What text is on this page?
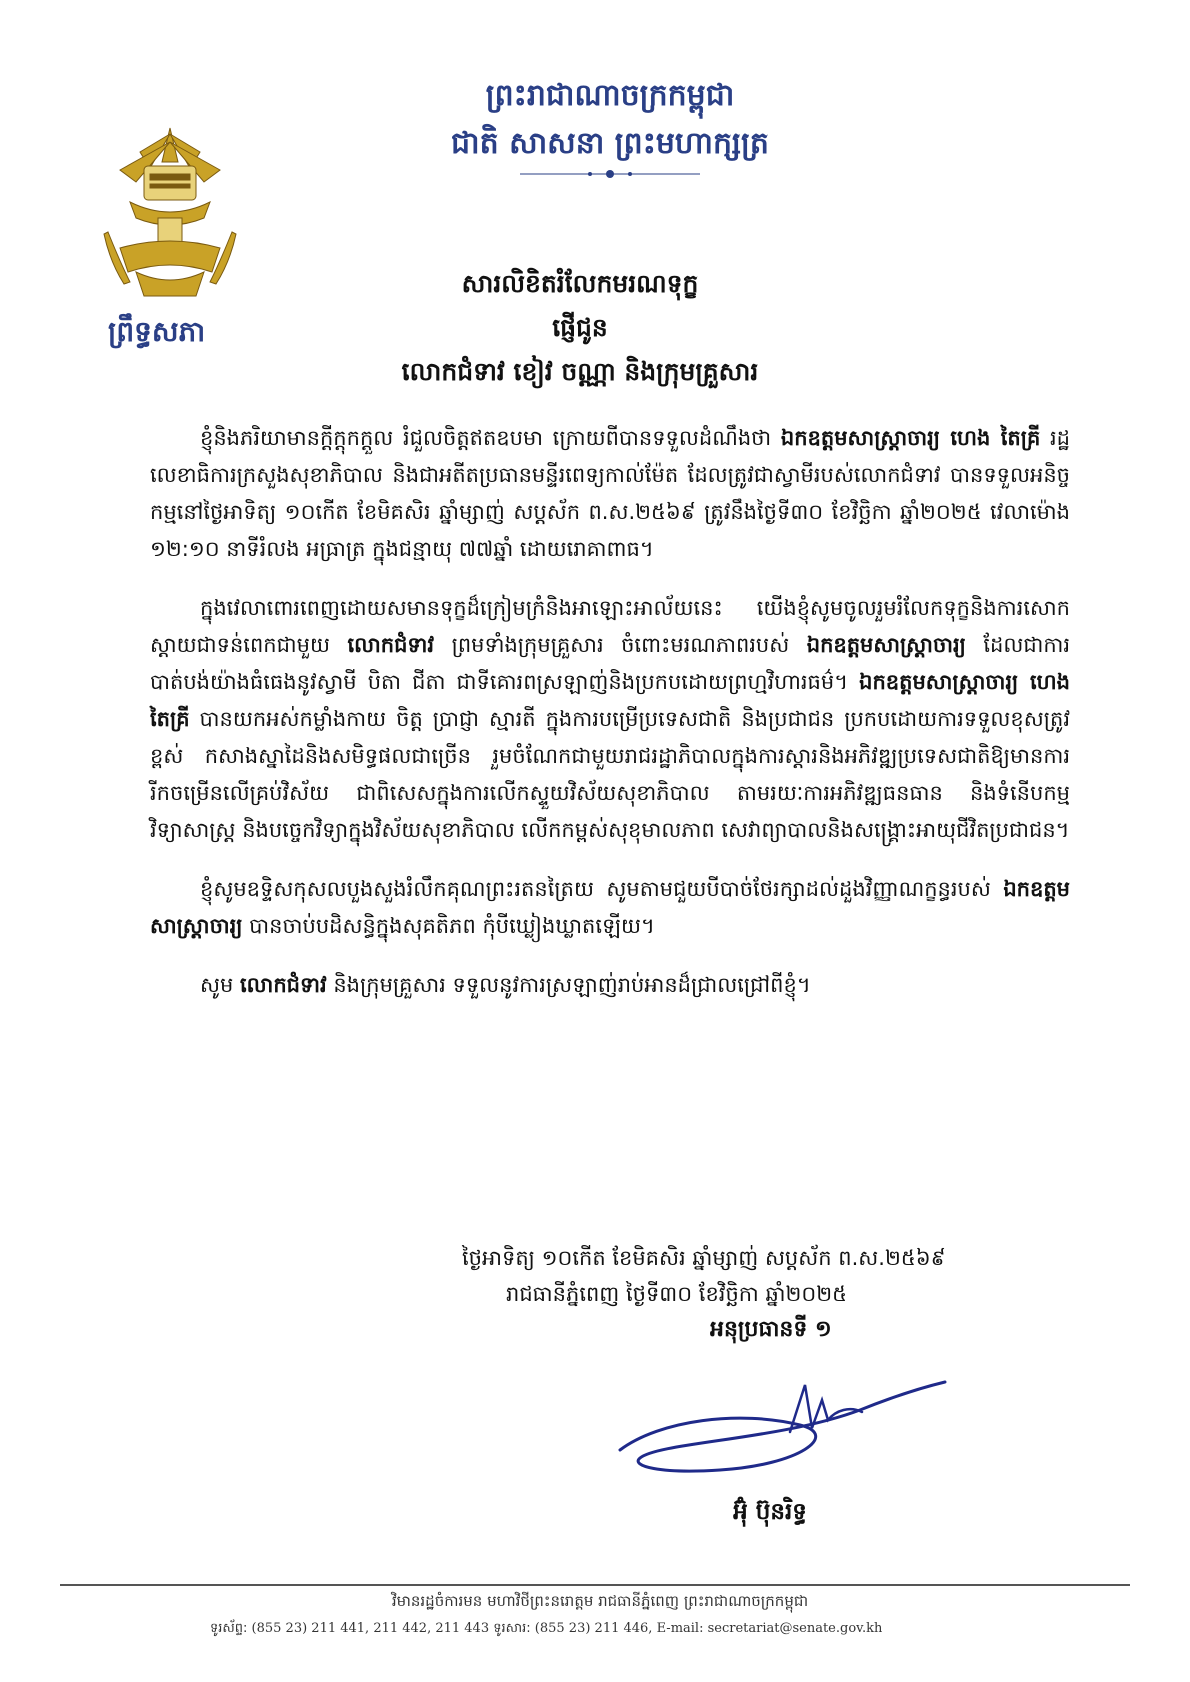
ព្រះរាជាណាចក្រកម្ពុជា
ជាតិ សាសនា ព្រះមហាក្សត្រ
ព្រឹទ្ធសភា
សារលិខិតរំលែកមរណទុក្ខ
ផ្ញើជូន
លោកជំទាវ ខៀវ ចណ្ណា និងក្រុមគ្រួសារ

ខ្ញុំនិងភរិយាមានក្ដីក្ដុកក្ដួល រំជួលចិត្តឥតឧបមា ក្រោយពីបានទទួលដំណឹងថា ឯកឧត្តមសាស្ត្រាចារ្យ ហេង តៃគ្រី រដ្ឋលេខាធិការក្រសួងសុខាភិបាល និងជាអតីតប្រធានមន្ទីរពេទ្យកាល់ម៉ែត ដែលត្រូវជាស្វាមីរបស់លោកជំទាវ បានទទួលអនិច្ចកម្មនៅថ្ងៃអាទិត្យ ១០កើត ខែមិគសិរ ឆ្នាំម្សាញ់ សប្តស័ក ព.ស.២៥៦៩ ត្រូវនឹងថ្ងៃទី៣០ ខែវិច្ឆិកា ឆ្នាំ២០២៥ វេលាម៉ោង ១២:១០ នាទីរំលង អធ្រាត្រ ក្នុងជន្មាយុ ៧៧ឆ្នាំ ដោយរោគាពាធ។

ក្នុងវេលាពោរពេញដោយសមានទុក្ខដ៏ក្រៀមក្រំនិងអាឡោះអាល័យនេះ យើងខ្ញុំសូមចូលរួមរំលែកទុក្ខនិងការសោកស្ដាយជាទន់ពេកជាមួយ លោកជំទាវ ព្រមទាំងក្រុមគ្រួសារ ចំពោះមរណភាពរបស់ ឯកឧត្តមសាស្ត្រាចារ្យ ដែលជាការបាត់បង់យ៉ាងធំធេងនូវស្វាមី បិតា ជីតា ជាទីគោរពស្រឡាញ់និងប្រកបដោយព្រហ្មវិហារធម៌។ ឯកឧត្តមសាស្ត្រាចារ្យ ហេង តៃគ្រី បានយកអស់កម្លាំងកាយ ចិត្ត ប្រាជ្ញា ស្មារតី ក្នុងការបម្រើប្រទេសជាតិ និងប្រជាជន ប្រកបដោយការទទួលខុសត្រូវខ្ពស់ កសាងស្នាដៃនិងសមិទ្ធផលជាច្រើន រួមចំណែកជាមួយរាជរដ្ឋាភិបាលក្នុងការស្ដារនិងអភិវឌ្ឍប្រទេសជាតិឱ្យមានការរីកចម្រើនលើគ្រប់វិស័យ ជាពិសេសក្នុងការលើកស្ទួយវិស័យសុខាភិបាល តាមរយៈការអភិវឌ្ឍធនធាន និងទំនើបកម្មវិទ្យាសាស្ត្រ និងបច្ចេកវិទ្យាក្នុងវិស័យសុខាភិបាល លើកកម្ពស់សុខុមាលភាព សេវាព្យាបាលនិងសង្គ្រោះអាយុជីវិតប្រជាជន។

ខ្ញុំសូមឧទ្ទិសកុសលបួងសួងរំលឹកគុណព្រះរតនត្រៃយ សូមតាមជួយបីបាច់ថែរក្សាដល់ដួងវិញ្ញាណក្ខន្ធរបស់ ឯកឧត្តមសាស្ត្រាចារ្យ បានចាប់បដិសន្ធិក្នុងសុគតិភព កុំបីឃ្លៀងឃ្លាតឡើយ។

សូម លោកជំទាវ និងក្រុមគ្រួសារ ទទួលនូវការស្រឡាញ់រាប់អានដ៏ជ្រាលជ្រៅពីខ្ញុំ។

ថ្ងៃអាទិត្យ ១០កើត ខែមិគសិរ ឆ្នាំម្សាញ់ សប្តស័ក ព.ស.២៥៦៩
រាជធានីភ្នំពេញ ថ្ងៃទី៣០ ខែវិច្ឆិកា ឆ្នាំ២០២៥
អនុប្រធានទី ១
អ៊ុំ ប៊ុនរិទ្ធ
វិមានរដ្ឋចំការមន មហាវិថីព្រះនរោត្តម រាជធានីភ្នំពេញ ព្រះរាជាណាចក្រកម្ពុជា
ទូរស័ព្ទ: (855 23) 211 441, 211 442, 211 443 ទូរសារ: (855 23) 211 446, E-mail: secretariat@senate.gov.kh
